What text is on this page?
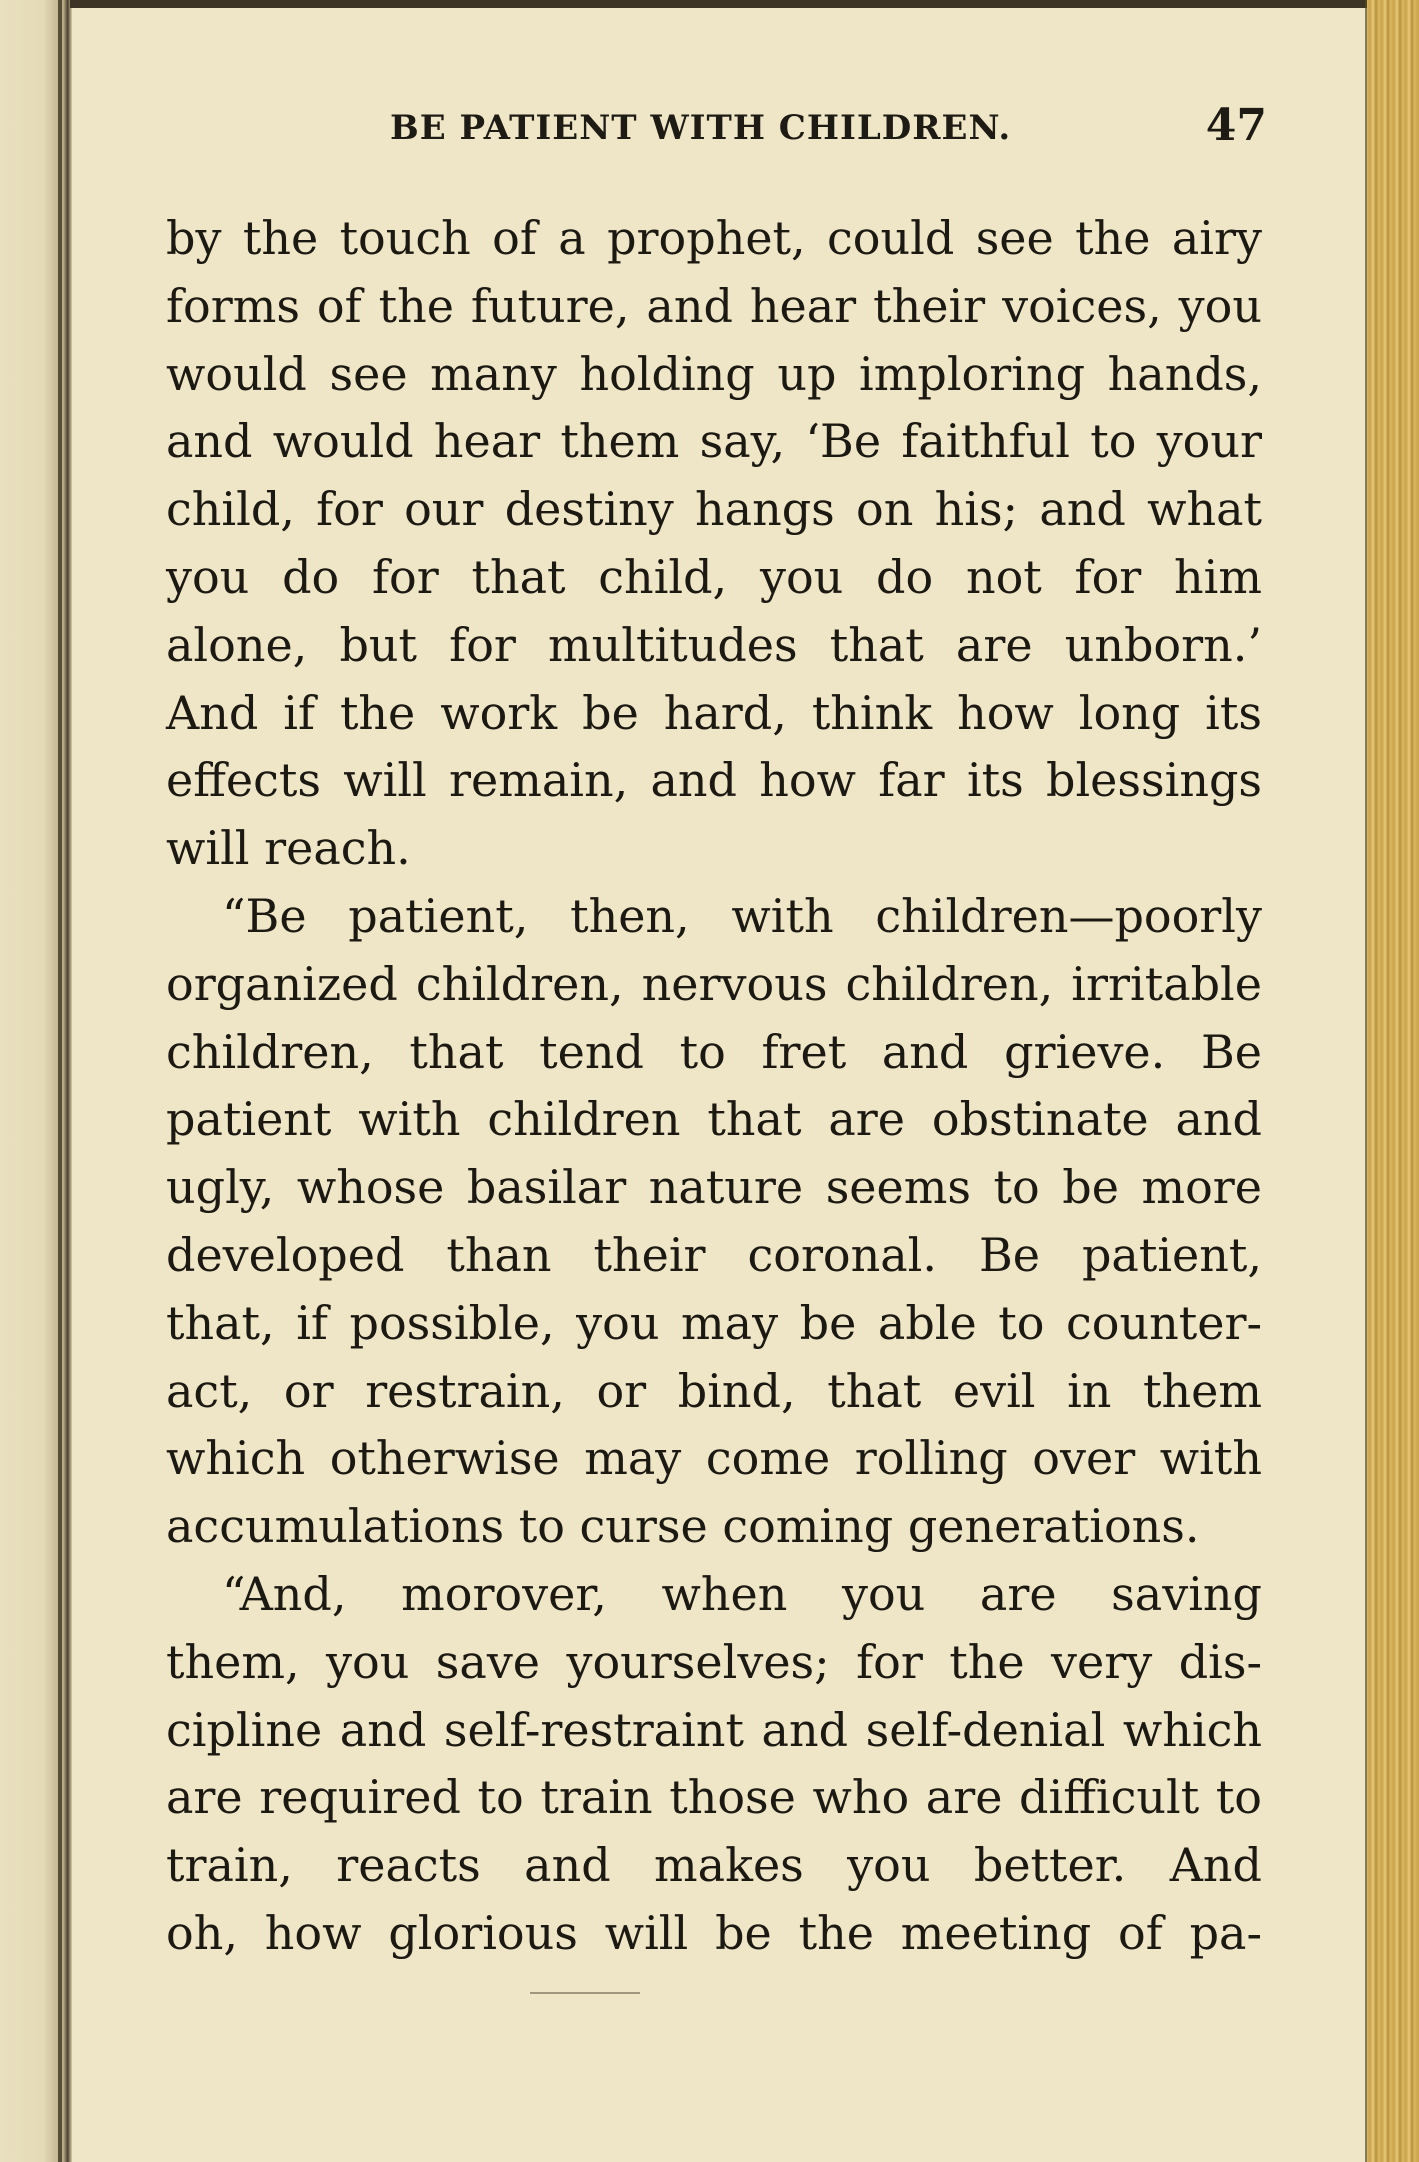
BE PATIENT WITH CHILDREN.	47

by the touch of a prophet, could see the airy
forms of the future, and hear their voices, you
would see many holding up imploring hands,
and would hear them say, ‘Be faithful to your
child, for our destiny hangs on his; and what
you do for that child, you do not for him
alone, but for multitudes that are unborn.’
And if the work be hard, think how long its
effects will remain, and how far its blessings
will reach.

“Be patient, then, with children—poorly
organized children, nervous children, irritable
children, that tend to fret and grieve. Be
patient with children that are obstinate and
ugly, whose basilar nature seems to be more
developed than their coronal. Be patient,
that, if possible, you may be able to counter-
act, or restrain, or bind, that evil in them
which otherwise may come rolling over with
accumulations to curse coming generations.

“And, morover, when you are saving
them, you save yourselves; for the very dis-
cipline and self-restraint and self-denial which
are required to train those who are difficult to
train, reacts and makes you better. And
oh, how glorious will be the meeting of pa-
